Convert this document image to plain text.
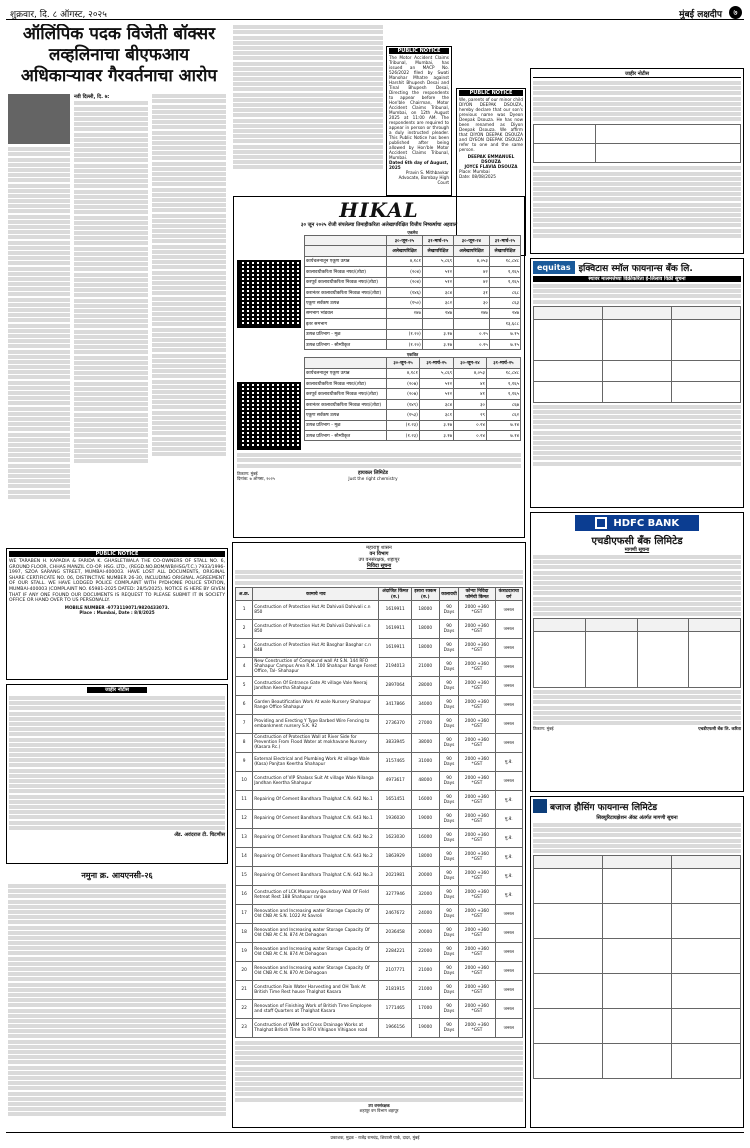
शुक्रवार, दि. ८ ऑगस्ट, २०२५	मुंबई लक्षदीप	७
ऑलिंपिक पदक विजेती बॉक्सर लव्हलिनाचा बीएफआय अधिकाऱ्यावर गैरवर्तनाचा आरोप
नवी दिल्ली, दि. ७:
PUBLIC NOTICE
The Motor Accident Claims Tribunal, Mumbai, has issued an MACP No. 526/2022 filed by Swati Manohar Mhatre against Harshit Bhupesh Desai and Tinal Bhupesh Desai, Directing the respondents to appear before the Hon'ble Chairman, Motor Accident Claims Tribunal, Mumbai, on 12th August 2025 at 11:00 AM. The respondents are required to appear in person or through a duly instructed pleader. This Public Notice has been published after being allowed by Hon'ble Motor Accident Claims Tribunal, Mumbai.
Dated 6th day of August, 2025
Pravin S. Mithbavkar
Advocate, Bombay High Court
PUBLIC NOTICE
We, parents of our minor child DIYON DEEPAK DSOUZA, hereby declare that our son's previous name was Dyeon Deepak Dsouza. He has now been renamed as Diyon Deepak Dsouza. We affirm that DIYON DEEPAK DSOUZA and DYEON DEEPAK DSOUZA refer to one and the same person.
DEEPAK EMMANUEL DSOUZA
JOYCE FLAVIA DSOUZA
Place: Mumbai
Date: 08/08/2025
जाहीर नोटीस

HIKAL
३० जून २०२५ रोजी संपलेल्या तिमाहीकरिता अलेखापरिक्षित वित्तीय निष्कर्षाचा अहवाल
एकमेव
	३०-जून-२५	३१-मार्च-२५	३०-जून-२४	३१-मार्च-२५
	अलेखापरिक्षित	लेखापरिक्षित	अलेखापरिक्षित	लेखापरिक्षित
कार्यचलनातून एकूण उत्पन्न	४,१८१	५,८६९	४,०५३	१८,८४८
कालावधीकरिता निव्वळ नफा/(तोटा)	(२०४)	५१२	४२	१,१६५
करपूर्व कालावधीकरिता निव्वळ नफा/(तोटा)	(२०४)	५१२	४२	१,१६५
करानंतर कालावधीकरिता निव्वळ नफा/(तोटा)	(१४६)	३८४	३१	८६८
एकूण सर्वंकष उत्पन्न	(१५०)	३८२	३०	८६३
समभाग भांडवल	२४७	२४७	२४७	२४७
इतर समभाग				१३,६८८
उत्पन्न प्रतिभाग - मूळ	(१.२०)	३.१७	०.२५	७.१५
उत्पन्न प्रतिभाग - सौम्यीकृत	(१.२०)	३.१७	०.२५	७.१५
एकत्रित
	३०-जून-२५	३१-मार्च-२५	३०-जून-२४	३१-मार्च-२५
कार्यचलनातून एकूण उत्पन्न	४,१८१	५,८६९	४,०५३	१८,८४८
कालावधीकरिता निव्वळ नफा/(तोटा)	(२०७)	५१२	४१	१,१६५
करपूर्व कालावधीकरिता निव्वळ नफा/(तोटा)	(२०७)	५१२	४१	१,१६५
करानंतर कालावधीकरिता निव्वळ नफा/(तोटा)	(१४९)	३८४	३०	८६७
एकूण सर्वंकष उत्पन्न	(१५३)	३८१	२९	८६२
उत्पन्न प्रतिभाग - मूळ	(१.२३)	३.१७	०.२४	७.१४
उत्पन्न प्रतिभाग - सौम्यीकृत	(१.२३)	३.१७	०.२४	७.१४
ठिकाण: मुंबई
दिनांक: ७ ऑगस्ट, २०२५
हायकल लिमिटेड
Just the right chemistry
equitas इक्विटास स्मॉल फायनान्स बँक लि.
स्थावर मालमत्तेच्या विक्रीकरिता ई-लिलाव विक्री सूचना

HDFC BANK
एचडीएफसी बँक लिमिटेड
मागणी सूचना

ठिकाण: मुंबई	एचडीएफसी बँक लि. करिता
बजाज हौसिंग फायनान्स लिमिटेड
सिक्युरिटायझेशन ॲक्ट अंतर्गत मागणी सूचना

PUBLIC NOTICE
WE TARABEN H. KAPADIA & FARIDA K. GHASLETWALA THE CO-OWNERS OF STALL NO. 6, GROUND FLOOR, CHHAS MANZIL CO-OP. HSG. LTD., (REGD.NO.BOM/WB/HSG/T.C.) 7933/1996-1997, SZOA SARANG STREET, MUMBAI-400003. HAVE LOST ALL DOCUMENTS, ORIGINAL SHARE CERTIFICATE NO. 06, DISTINCTIVE NUMBER 26-30, INCLUDING ORIGINAL AGREEMENT OF OUR STALL. WE HAVE LODGED POLICE COMPLAINT WITH PYDHONIE POLICE STATION, MUMBAI-400003 (COMPLAINT NO. 65981-2025 DATED: 28/5/2025). NOTICE IS HERE BY GIVEN THAT IF ANY ONE FOUND OUR DOCUMENTS IS REQUEST TO PLEASE SUBMIT IT IN SOCIETY OFFICE OR HAND OVER TO US PERSONALLY.
MOBILE NUMBER -9773119071/9820433073.
Place : Mumbai, Date : 8/8/2025
जाहीर नोटीस
ॲड. अवंदराज टी. चिटणीस
नमुना क्र. आयएनसी-२६
महाराष्ट्र शासन
वन विभाग
उप वनसंरक्षक, शहापूर
निविदा सूचना
अ.क्र.	कामाचे नाव	अंदाजित किंमत (रु.)	इसारा रक्कम (रु.)	कालावधी	कोऱ्या निविदा फॉर्मची किंमत	कंत्राटदाराचा वर्ग
1	Construction of Protection Hut At Dahivali Dahivali c.n 850	1619911	18000	90 Days	2000 +360 *GST	जनरल
2	Construction of Protection Hut At Dahivali Dahivali c.n 850	1619911	18000	90 Days	2000 +360 *GST	जनरल
3	Construction of Protection Hut At Basghar Basghar c.n 848	1619911	18000	90 Days	2000 +360 *GST	जनरल
4	New Construction of Compound wall At S.N. 144 RFO Shahapur Campus Area R.M. 100 Shahapur Range Forest Office, Tal- Shahapur	2194013	21000	90 Days	2000 +360 *GST	जनरल
5	Construction Of Entrance Gate At village Vale Neeraj Jandhan Keertha Shahapur	2897064	28000	90 Days	2000 +360 *GST	जनरल
6	Garden Beautification Work At wale Nursery Shahapur Range Office Shahapur	3417866	34000	90 Days	2000 +360 *GST	जनरल
7	Providing and Erecting Y Type Barbed Wire Fencing to embankment nursery S.K. 92	2736370	27000	90 Days	2000 +360 *GST	जनरल
8	Construction of Protection Wall at River Side for Prevention From Flood Water at mokhavane Nursery (Kasara Rc.)	3833945	38000	90 Days	2000 +360 *GST	जनरल
9	External Electrical and Plumbing Work At village Wale (Kasa) Panjtan Keertha Shahapur	3157465	31000	90 Days	2000 +360 *GST	मु.बे.
10	Construction of VIP Shalass Suit At village Wale Nilanga Jandhan Keertha Shahapur	4973617	48000	90 Days	2000 +360 *GST	जनरल
11	Repairing Of Cement Bandhara Thalghat C.N. 642 No.1	1651451	16000	90 Days	2000 +360 *GST	मु.बे.
12	Repairing Of Cement Bandhara Thalghat C.N. 643 No.1	1936030	19000	90 Days	2000 +360 *GST	मु.बे.
13	Repairing Of Cement Bandhara Thalghat C.N. 642 No.2	1623030	16000	90 Days	2000 +360 *GST	मु.बे.
14	Repairing Of Cement Bandhara Thalghat C.N. 643 No.2	1863929	18000	90 Days	2000 +360 *GST	मु.बे.
15	Repairing Of Cement Bandhara Thalghat C.N. 642 No.3	2021981	20000	90 Days	2000 +360 *GST	मु.बे.
16	Construction of LCK Masonary Boundary Wall Of Field Retreat Rest 188 Shahapur range	3277946	32000	90 Days	2000 +360 *GST	मु.बे.
17	Renovation and Increasing water Storage Capacity Of Old CNB At S.N. 1022 At Savroli	2467672	24000	90 Days	2000 +360 *GST	जनरल
18	Renovation and Increasing water Storage Capacity Of Old CNB At C.N. 874 At Dehagoan	2036458	20000	90 Days	2000 +360 *GST	जनरल
19	Renovation and Increasing water Storage Capacity Of Old CNB At C.N. 874 At Dehagoan	2284221	22000	90 Days	2000 +360 *GST	जनरल
20	Renovation and Increasing water Storage Capacity Of Old CNB At C.N. 870 At Dehagoan	2107771	21000	90 Days	2000 +360 *GST	जनरल
21	Construction Rain Water Harvesting and OH Tank At British Time Rest house Thalghat Kasara	2181915	21000	90 Days	2000 +360 *GST	जनरल
22	Renovation of Finishing Work of British Time Employee and staff Quarters at Thalghat Kasara	1771465	17000	90 Days	2000 +360 *GST	जनरल
23	Construction of WBM and Cross Drainage Works at Thalghat British Time To RFO Vihigaon Vihigaon road	1966156	19000	90 Days	2000 +360 *GST	जनरल
उप वनसंरक्षक
शहापूर वन विभाग शहापूर
प्रकाशक, मुद्रक - राजेंद्र रामचंद्र, शिवाजी पार्क, दादर, मुंबई
